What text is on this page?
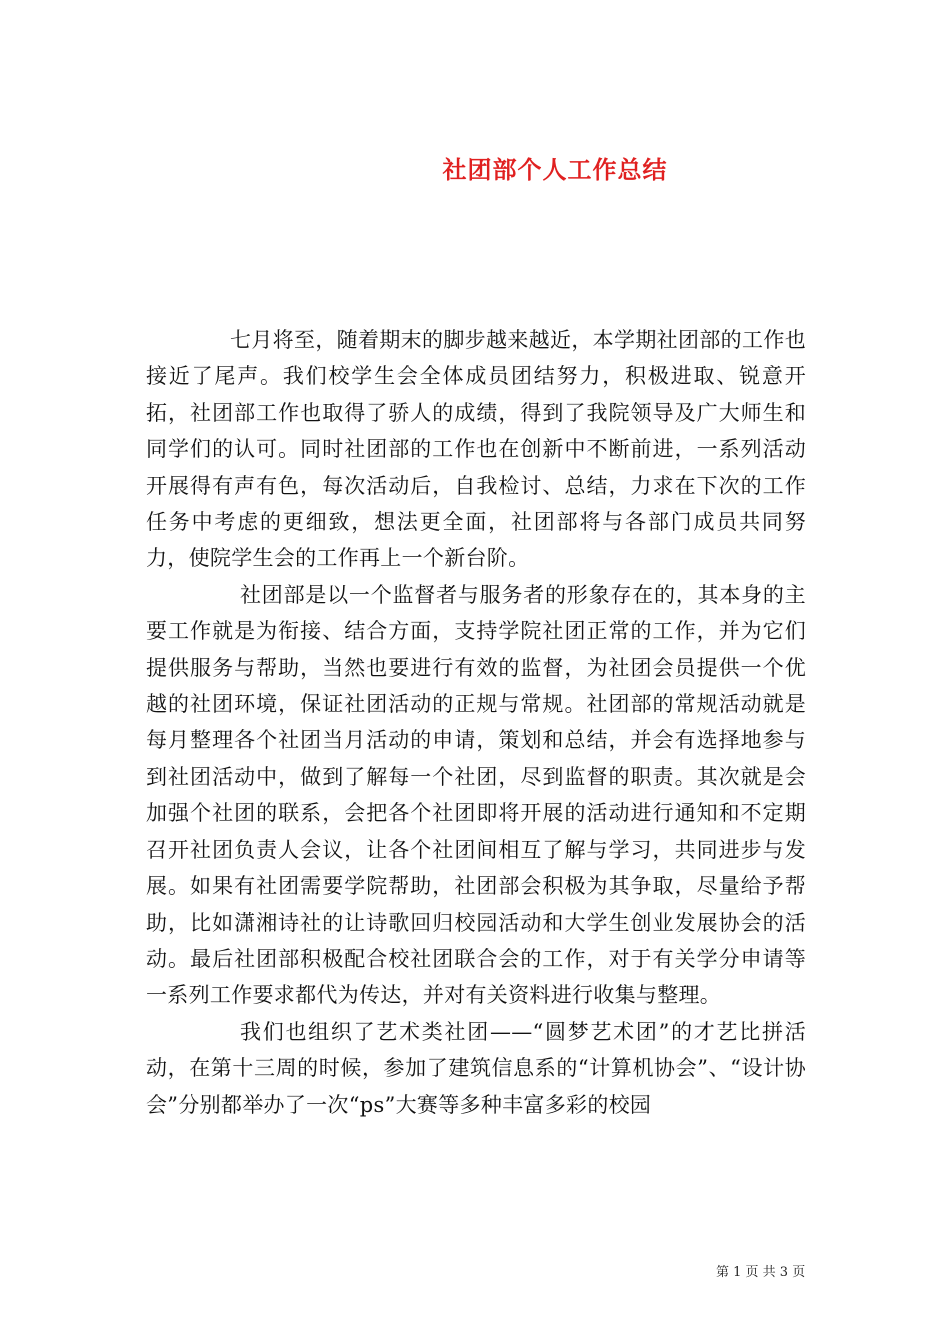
社团部个人工作总结

七月将至，随着期末的脚步越来越近，本学期社团部的工作也接近了尾声。我们校学生会全体成员团结努力，积极进取、锐意开拓，社团部工作也取得了骄人的成绩，得到了我院领导及广大师生和同学们的认可。同时社团部的工作也在创新中不断前进，一系列活动开展得有声有色，每次活动后，自我检讨、总结，力求在下次的工作任务中考虑的更细致，想法更全面，社团部将与各部门成员共同努力，使院学生会的工作再上一个新台阶。

社团部是以一个监督者与服务者的形象存在的，其本身的主要工作就是为衔接、结合方面，支持学院社团正常的工作，并为它们提供服务与帮助，当然也要进行有效的监督，为社团会员提供一个优越的社团环境，保证社团活动的正规与常规。社团部的常规活动就是每月整理各个社团当月活动的申请，策划和总结，并会有选择地参与到社团活动中，做到了解每一个社团，尽到监督的职责。其次就是会加强个社团的联系，会把各个社团即将开展的活动进行通知和不定期召开社团负责人会议，让各个社团间相互了解与学习，共同进步与发展。如果有社团需要学院帮助，社团部会积极为其争取，尽量给予帮助，比如潇湘诗社的让诗歌回归校园活动和大学生创业发展协会的活动。最后社团部积极配合校社团联合会的工作，对于有关学分申请等一系列工作要求都代为传达，并对有关资料进行收集与整理。

我们也组织了艺术类社团——“圆梦艺术团”的才艺比拼活动，在第十三周的时候，参加了建筑信息系的“计算机协会”、“设计协会”分别都举办了一次“ps”大赛等多种丰富多彩的校园

第 1 页 共 3 页
